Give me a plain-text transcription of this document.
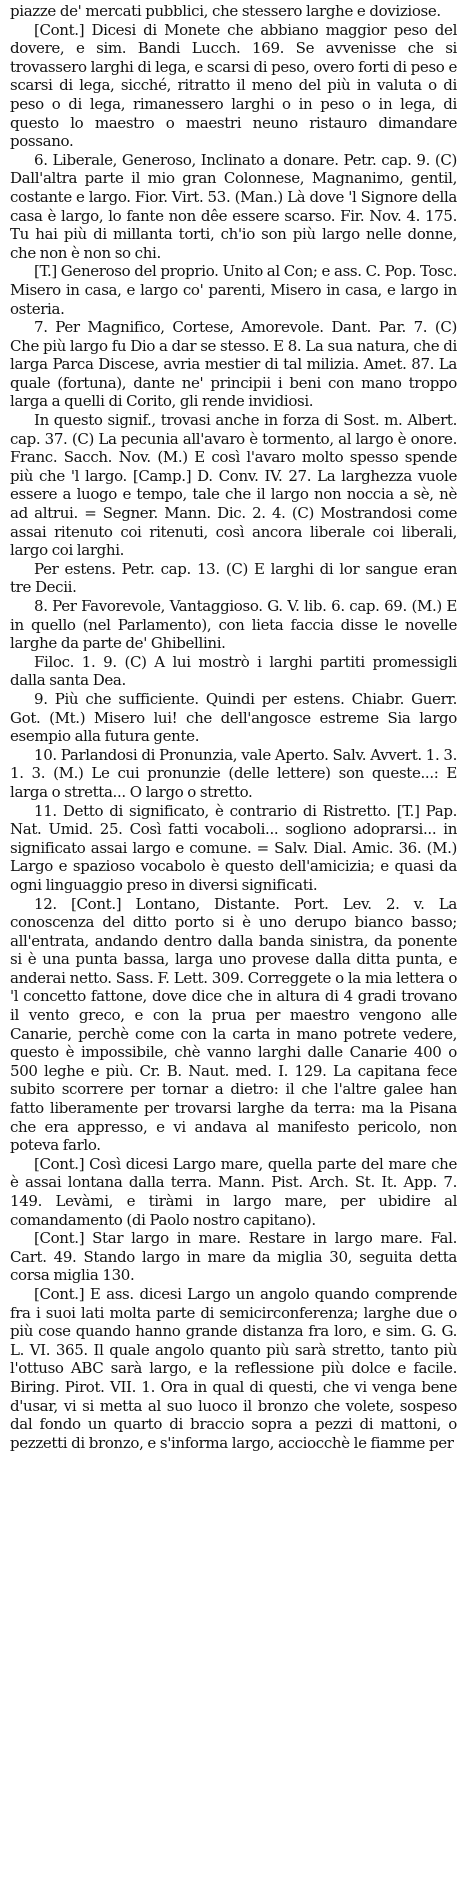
piazze de' mercati pubblici, che stessero larghe e doviziose.
[Cont.] Dicesi di Monete che abbiano maggior peso del dovere, e sim. Bandi Lucch. 169. Se avvenisse che si trovassero larghi di lega, e scarsi di peso, overo forti di peso e scarsi di lega, sicché, ritratto il meno del più in valuta o di peso o di lega, rimanessero larghi o in peso o in lega, di questo lo maestro o maestri neuno ristauro dimandare possano.
6. Liberale, Generoso, Inclinato a donare. Petr. cap. 9. (C) Dall'altra parte il mio gran Colonnese, Magnanimo, gentil, costante e largo. Fior. Virt. 53. (Man.) Là dove 'l Signore della casa è largo, lo fante non dêe essere scarso. Fir. Nov. 4. 175. Tu hai più di millanta torti, ch'io son più largo nelle donne, che non è non so chi.
[T.] Generoso del proprio. Unito al Con; e ass. C. Pop. Tosc. Misero in casa, e largo co' parenti, Misero in casa, e largo in osteria.
7. Per Magnifico, Cortese, Amorevole. Dant. Par. 7. (C) Che più largo fu Dio a dar se stesso. E 8. La sua natura, che di larga Parca Discese, avria mestier di tal milizia. Amet. 87. La quale (fortuna), dante ne' principii i beni con mano troppo larga a quelli di Corito, gli rende invidiosi.
In questo signif., trovasi anche in forza di Sost. m. Albert. cap. 37. (C) La pecunia all'avaro è tormento, al largo è onore. Franc. Sacch. Nov. (M.) E così l'avaro molto spesso spende più che 'l largo. [Camp.] D. Conv. IV. 27. La larghezza vuole essere a luogo e tempo, tale che il largo non noccia a sè, nè ad altrui. = Segner. Mann. Dic. 2. 4. (C) Mostrandosi come assai ritenuto coi ritenuti, così ancora liberale coi liberali, largo coi larghi.
Per estens. Petr. cap. 13. (C) E larghi di lor sangue eran tre Decii.
8. Per Favorevole, Vantaggioso. G. V. lib. 6. cap. 69. (M.) E in quello (nel Parlamento), con lieta faccia disse le novelle larghe da parte de' Ghibellini.
Filoc. 1. 9. (C) A lui mostrò i larghi partiti promessigli dalla santa Dea.
9. Più che sufficiente. Quindi per estens. Chiabr. Guerr. Got. (Mt.) Misero lui! che dell'angosce estreme Sia largo esempio alla futura gente.
10. Parlandosi di Pronunzia, vale Aperto. Salv. Avvert. 1. 3. 1. 3. (M.) Le cui pronunzie (delle lettere) son queste...: E larga o stretta... O largo o stretto.
11. Detto di significato, è contrario di Ristretto. [T.] Pap. Nat. Umid. 25. Così fatti vocaboli... sogliono adoprarsi... in significato assai largo e comune. = Salv. Dial. Amic. 36. (M.) Largo e spazioso vocabolo è questo dell'amicizia; e quasi da ogni linguaggio preso in diversi significati.
12. [Cont.] Lontano, Distante. Port. Lev. 2. v. La conoscenza del ditto porto si è uno derupo bianco basso; all'entrata, andando dentro dalla banda sinistra, da ponente si è una punta bassa, larga uno provese dalla ditta punta, e anderai netto. Sass. F. Lett. 309. Correggete o la mia lettera o 'l concetto fattone, dove dice che in altura di 4 gradi trovano il vento greco, e con la prua per maestro vengono alle Canarie, perchè come con la carta in mano potrete vedere, questo è impossibile, chè vanno larghi dalle Canarie 400 o 500 leghe e più. Cr. B. Naut. med. I. 129. La capitana fece subito scorrere per tornar a dietro: il che l'altre galee han fatto liberamente per trovarsi larghe da terra: ma la Pisana che era appresso, e vi andava al manifesto pericolo, non poteva farlo.
[Cont.] Così dicesi Largo mare, quella parte del mare che è assai lontana dalla terra. Mann. Pist. Arch. St. It. App. 7. 149. Levàmi, e tiràmi in largo mare, per ubidire al comandamento (di Paolo nostro capitano).
[Cont.] Star largo in mare. Restare in largo mare. Fal. Cart. 49. Stando largo in mare da miglia 30, seguita detta corsa miglia 130.
[Cont.] E ass. dicesi Largo un angolo quando comprende fra i suoi lati molta parte di semicirconferenza; larghe due o più cose quando hanno grande distanza fra loro, e sim. G. G. L. VI. 365. Il quale angolo quanto più sarà stretto, tanto più l'ottuso ABC sarà largo, e la reflessione più dolce e facile. Biring. Pirot. VII. 1. Ora in qual di questi, che vi venga bene d'usar, vi si metta al suo luoco il bronzo che volete, sospeso dal fondo un quarto di braccio sopra a pezzi di mattoni, o pezzetti di bronzo, e s'informa largo, acciocchè le fiamme per
